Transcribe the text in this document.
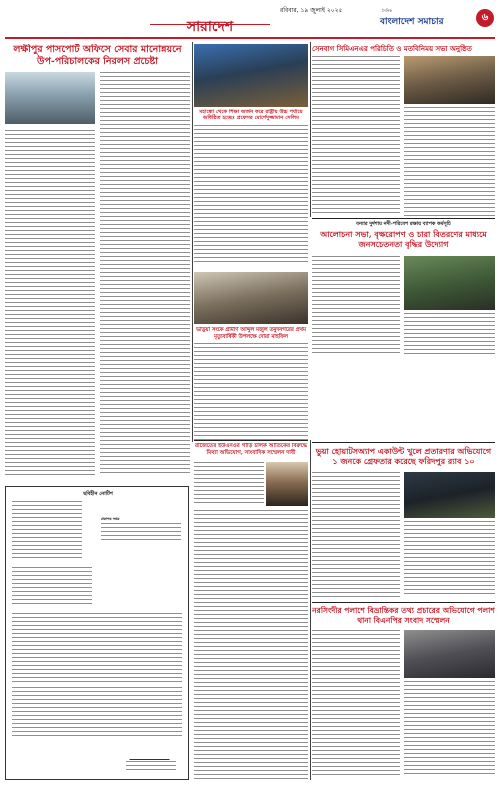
রবিবার, ১৯ জুলাই ২০২৫
সারাদেশ
দৈনিক
বাংলাদেশ সমাচার	৬
লক্ষীপুর পাসপোর্ট অফিসে সেবার মানোন্নয়নে উপ-পরিচালকের নিরলস প্রচেষ্টা
মহান্ধো থেকে শিক্ষা অর্জন করে রাষ্ট্রীয় উচ্চ পর্যায়ে অধিষ্ঠিত হচ্ছেঃ প্রফেসর মোর্শেদুজ্জামান সেলিম
সেনবাগ সিমিএনএর পরিচিতি ও মতবিনিময় সভা অনুষ্ঠিত
বন্যার দুর্দশায় নদী-পরিবেশ রক্ষায় ব্যাপক কর্মসূচি
আলোচনা সভা, বৃক্ষরোপণ ও চারা বিতরণের মাধ্যমে জনসচেতনতা বৃদ্ধির উদ্যোগ
ভাড়ুয়া সংকে গ্রামীণ আব্দুল মজুল তমুদনগরের প্রথম মৃত্যুবার্ষিকী উপলক্ষে দোয়া মাহফিল
রাজৈতের ইউএনওর গাড়ি চালক আতিকের বিরুদ্ধে মিথ্যা অভিযোগ, সাংবাদিক সম্মেলন দাবী	ভুয়া হোয়াটসঅ্যাপ একাউন্ট খুলে প্রতারণার অভিযোগে ১ জনকে গ্রেফতার করেছে ফরিদপুর র‍্যাব ১০
নরসিংদীর পলাশে বিভ্রান্তিকর তথ্য প্রচারের অভিযোগে পলাশ থানা বিএনপির সংবাদ সম্মেলন
ছবিহীন নোটিশ
প্রকাশক দপ্তর
